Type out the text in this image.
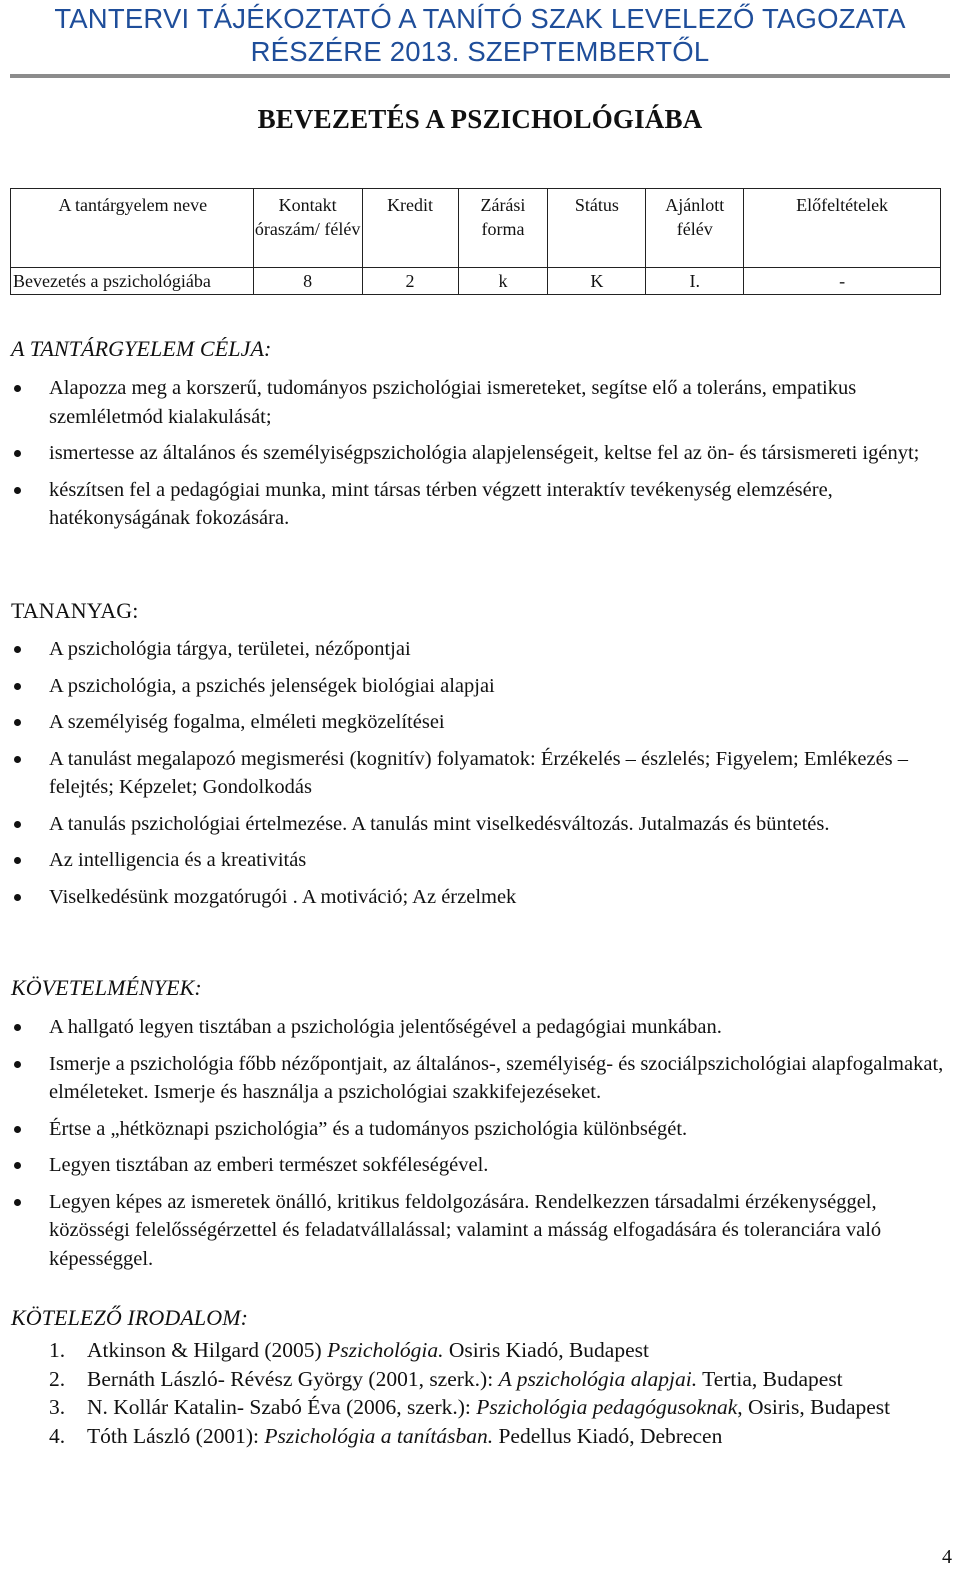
TANTERVI TÁJÉKOZTATÓ A TANÍTÓ SZAK LEVELEZŐ TAGOZATA
RÉSZÉRE 2013. SZEPTEMBERTŐL
BEVEZETÉS A PSZICHOLÓGIÁBA
A tantárgyelem neve	Kontakt óraszám/ félév	Kredit	Zárási forma	Státus	Ajánlott félév	Előfeltételek
Bevezetés a pszichológiába	8	2	k	K	I.	-
A TANTÁRGYELEM CÉLJA:
Alapozza meg a korszerű, tudományos pszichológiai ismereteket, segítse elő a toleráns, empatikus szemléletmód kialakulását;
ismertesse az általános és személyiségpszichológia alapjelenségeit, keltse fel az ön- és társismereti igényt;
készítsen fel a pedagógiai munka, mint társas térben végzett interaktív tevékenység elemzésére, hatékonyságának fokozására.
TANANYAG:
A pszichológia tárgya, területei, nézőpontjai
A pszichológia, a pszichés jelenségek biológiai alapjai
A személyiség fogalma, elméleti megközelítései
A tanulást megalapozó megismerési (kognitív) folyamatok: Érzékelés – észlelés; Figyelem; Emlékezés – felejtés; Képzelet; Gondolkodás
A tanulás pszichológiai értelmezése. A tanulás mint viselkedésváltozás. Jutalmazás és büntetés.
Az intelligencia és a kreativitás
Viselkedésünk mozgatórugói . A motiváció; Az érzelmek
KÖVETELMÉNYEK:
A hallgató legyen tisztában a pszichológia jelentőségével a pedagógiai munkában.
Ismerje a pszichológia főbb nézőpontjait, az általános-, személyiség- és szociálpszichológiai alapfogalmakat, elméleteket. Ismerje és használja a pszichológiai szakkifejezéseket.
Értse a „hétköznapi pszichológia” és a tudományos pszichológia különbségét.
Legyen tisztában az emberi természet sokféleségével.
Legyen képes az ismeretek önálló, kritikus feldolgozására. Rendelkezzen társadalmi érzékenységgel, közösségi felelősségérzettel és feladatvállalással; valamint a másság elfogadására és toleranciára való képességgel.
KÖTELEZŐ IRODALOM:
1. Atkinson & Hilgard (2005) Pszichológia. Osiris Kiadó, Budapest
2. Bernáth László- Révész György (2001, szerk.): A pszichológia alapjai. Tertia, Budapest
3. N. Kollár Katalin- Szabó Éva (2006, szerk.): Pszichológia pedagógusoknak, Osiris, Budapest
4. Tóth László (2001): Pszichológia a tanításban. Pedellus Kiadó, Debrecen
4
